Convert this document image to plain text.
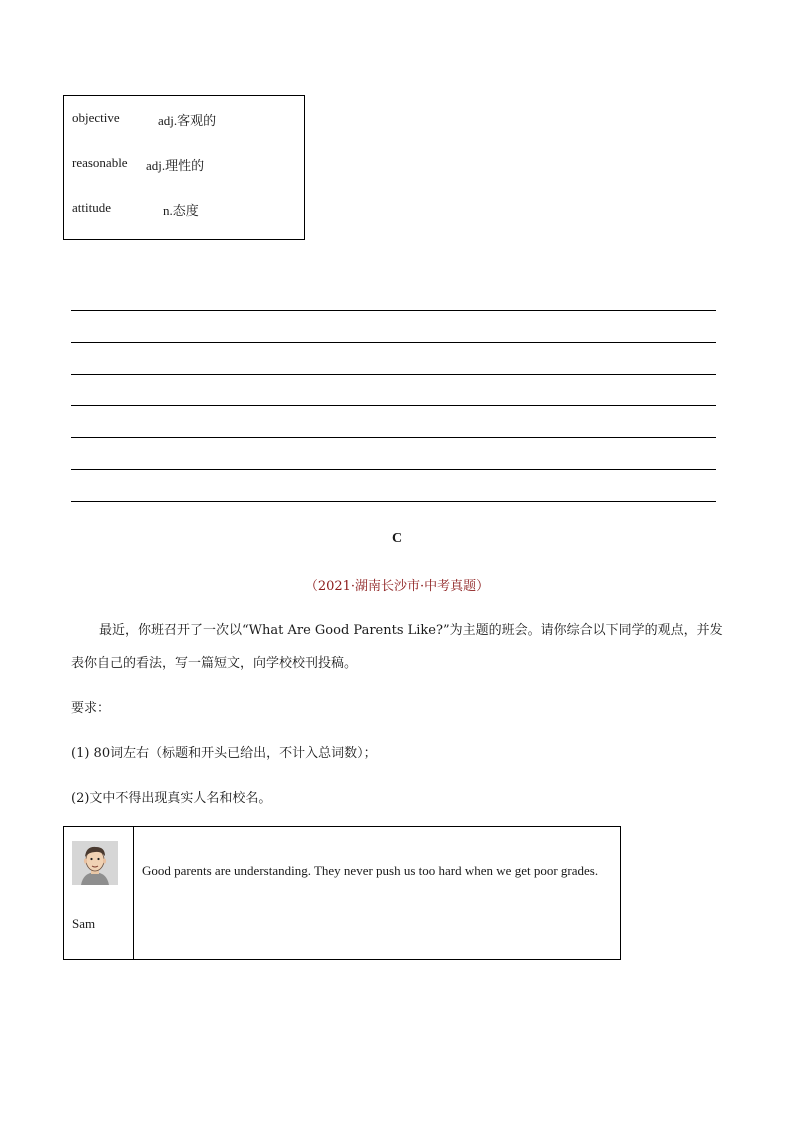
objective	adj.客观的
reasonable adj.理性的
attitude	n.态度
C
（2021·湖南长沙市·中考真题）
最近，你班召开了一次以“What Are Good Parents Like?”为主题的班会。请你综合以下同学的观点，并发表你自己的看法，写一篇短文，向学校校刊投稿。
要求：
(1) 80词左右（标题和开头已给出，不计入总词数）；
(2)文中不得出现真实人名和校名。
Sam
Good parents are understanding. They never push us too hard when we get poor grades.
